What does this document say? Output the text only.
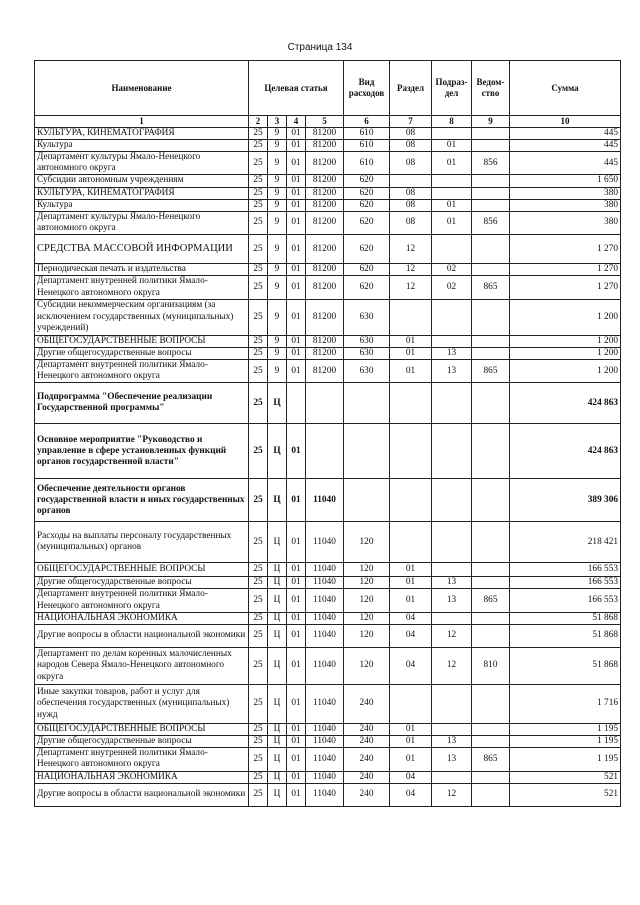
Страница 134
Наименование	Целевая статья				Вид расходов	Раздел	Подраз-дел	Ведом-ство	Сумма
1	2	3	4	5	6	7	8	9	10
КУЛЬТУРА, КИНЕМАТОГРАФИЯ	25	9	01	81200	610	08			445
Культура	25	9	01	81200	610	08	01		445
Департамент культуры Ямало-Ненецкого автономного округа	25	9	01	81200	610	08	01	856	445
Субсидии автономным учреждениям	25	9	01	81200	620				1 650
КУЛЬТУРА, КИНЕМАТОГРАФИЯ	25	9	01	81200	620	08			380
Культура	25	9	01	81200	620	08	01		380
Департамент культуры Ямало-Ненецкого автономного округа	25	9	01	81200	620	08	01	856	380
СРЕДСТВА МАССОВОЙ ИНФОРМАЦИИ	25	9	01	81200	620	12			1 270
Периодическая печать и издательства	25	9	01	81200	620	12	02		1 270
Департамент внутренней политики Ямало-Ненецкого автономного округа	25	9	01	81200	620	12	02	865	1 270
Субсидии некоммерческим организациям (за исключением государственных (муниципальных) учреждений)	25	9	01	81200	630				1 200
ОБЩЕГОСУДАРСТВЕННЫЕ ВОПРОСЫ	25	9	01	81200	630	01			1 200
Другие общегосударственные вопросы	25	9	01	81200	630	01	13		1 200
Департамент внутренней политики Ямало-Ненецкого автономного округа	25	9	01	81200	630	01	13	865	1 200
Подпрограмма "Обеспечение реализации Государственной программы"	25	Ц							424 863
Основное мероприятие "Руководство и управление в сфере установленных функций органов государственной власти"	25	Ц	01						424 863
Обеспечение деятельности органов государственной власти и иных государственных органов	25	Ц	01	11040					389 306
Расходы на выплаты персоналу государственных (муниципальных) органов	25	Ц	01	11040	120				218 421
ОБЩЕГОСУДАРСТВЕННЫЕ ВОПРОСЫ	25	Ц	01	11040	120	01			166 553
Другие общегосударственные вопросы	25	Ц	01	11040	120	01	13		166 553
Департамент внутренней политики Ямало-Ненецкого автономного округа	25	Ц	01	11040	120	01	13	865	166 553
НАЦИОНАЛЬНАЯ ЭКОНОМИКА	25	Ц	01	11040	120	04			51 868
Другие вопросы в области национальной экономики	25	Ц	01	11040	120	04	12		51 868
Департамент по делам коренных малочисленных народов Севера Ямало-Ненецкого автономного округа	25	Ц	01	11040	120	04	12	810	51 868
Иные закупки товаров, работ и услуг для обеспечения государственных (муниципальных) нужд	25	Ц	01	11040	240				1 716
ОБЩЕГОСУДАРСТВЕННЫЕ ВОПРОСЫ	25	Ц	01	11040	240	01			1 195
Другие общегосударственные вопросы	25	Ц	01	11040	240	01	13		1 195
Департамент внутренней политики Ямало-Ненецкого автономного округа	25	Ц	01	11040	240	01	13	865	1 195
НАЦИОНАЛЬНАЯ ЭКОНОМИКА	25	Ц	01	11040	240	04			521
Другие вопросы в области национальной экономики	25	Ц	01	11040	240	04	12		521
